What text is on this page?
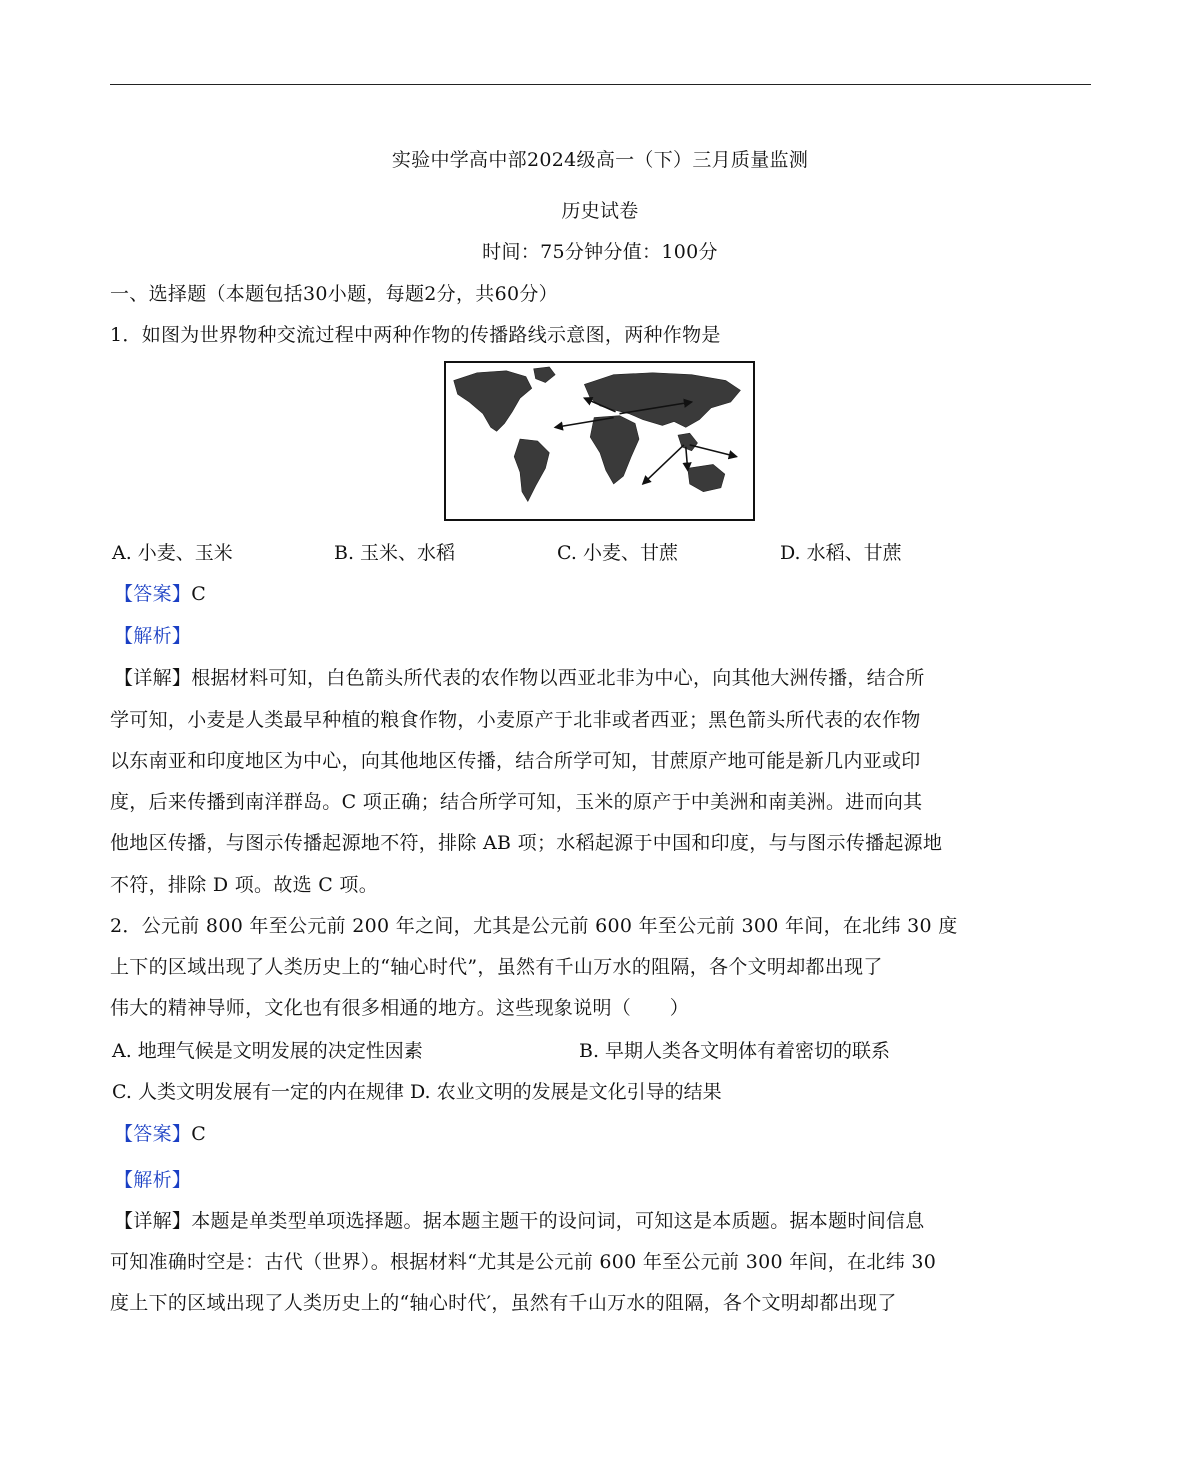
实验中学高中部2024级高一（下）三月质量监测
历史试卷
时间：75分钟分值：100分
一、选择题（本题包括30小题，每题2分，共60分）
1．如图为世界物种交流过程中两种作物的传播路线示意图，两种作物是
A. 小麦、玉米	B. 玉米、水稻	C. 小麦、甘蔗	D. 水稻、甘蔗
【答案】C
【解析】
【详解】根据材料可知，白色箭头所代表的农作物以西亚北非为中心，向其他大洲传播，结合所
学可知，小麦是人类最早种植的粮食作物，小麦原产于北非或者西亚；黑色箭头所代表的农作物
以东南亚和印度地区为中心，向其他地区传播，结合所学可知，甘蔗原产地可能是新几内亚或印
度，后来传播到南洋群岛。C 项正确；结合所学可知，玉米的原产于中美洲和南美洲。进而向其
他地区传播，与图示传播起源地不符，排除 AB 项；水稻起源于中国和印度，与与图示传播起源地
不符，排除 D 项。故选 C 项。
2．公元前 800 年至公元前 200 年之间，尤其是公元前 600 年至公元前 300 年间，在北纬 30 度
上下的区域出现了人类历史上的“轴心时代”，虽然有千山万水的阻隔，各个文明却都出现了
伟大的精神导师，文化也有很多相通的地方。这些现象说明（　　）
A. 地理气候是文明发展的决定性因素	B. 早期人类各文明体有着密切的联系
C. 人类文明发展有一定的内在规律 D. 农业文明的发展是文化引导的结果
【答案】C
【解析】
【详解】本题是单类型单项选择题。据本题主题干的设问词，可知这是本质题。据本题时间信息
可知准确时空是：古代（世界）。根据材料“尤其是公元前 600 年至公元前 300 年间，在北纬 30
度上下的区域出现了人类历史上的“轴心时代′，虽然有千山万水的阻隔，各个文明却都出现了
